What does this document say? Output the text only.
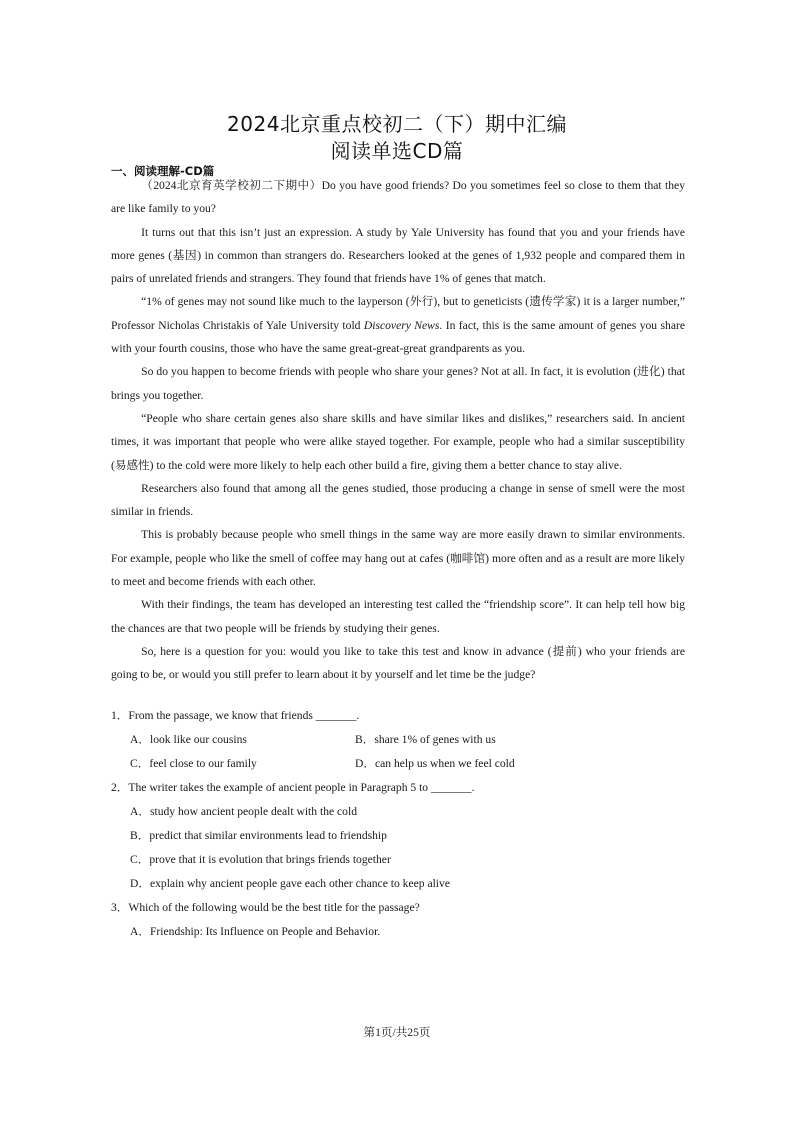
2024北京重点校初二（下）期中汇编
阅读单选CD篇
一、阅读理解-CD篇

（2024北京育英学校初二下期中）Do you have good friends? Do you sometimes feel so close to them that they are like family to you?

It turns out that this isn’t just an expression. A study by Yale University has found that you and your friends have more genes (基因) in common than strangers do. Researchers looked at the genes of 1,932 people and compared them in pairs of unrelated friends and strangers. They found that friends have 1% of genes that match.

“1% of genes may not sound like much to the layperson (外行), but to geneticists (遗传学家) it is a larger number,” Professor Nicholas Christakis of Yale University told Discovery News. In fact, this is the same amount of genes you share with your fourth cousins, those who have the same great-great-great grandparents as you.

So do you happen to become friends with people who share your genes? Not at all. In fact, it is evolution (进化) that brings you together.

“People who share certain genes also share skills and have similar likes and dislikes,” researchers said. In ancient times, it was important that people who were alike stayed together. For example, people who had a similar susceptibility (易感性) to the cold were more likely to help each other build a fire, giving them a better chance to stay alive.

Researchers also found that among all the genes studied, those producing a change in sense of smell were the most similar in friends.

This is probably because people who smell things in the same way are more easily drawn to similar environments. For example, people who like the smell of coffee may hang out at cafes (咖啡馆) more often and as a result are more likely to meet and become friends with each other.

With their findings, the team has developed an interesting test called the “friendship score”. It can help tell how big the chances are that two people will be friends by studying their genes.

So, here is a question for you: would you like to take this test and know in advance (提前) who your friends are going to be, or would you still prefer to learn about it by yourself and let time be the judge?

1．From the passage, we know that friends _______.
A．look like our cousins	B．share 1% of genes with us
C．feel close to our family	D．can help us when we feel cold
2．The writer takes the example of ancient people in Paragraph 5 to _______.
A．study how ancient people dealt with the cold
B．predict that similar environments lead to friendship
C．prove that it is evolution that brings friends together
D．explain why ancient people gave each other chance to keep alive
3．Which of the following would be the best title for the passage?
A．Friendship: Its Influence on People and Behavior.
第1页/共25页
